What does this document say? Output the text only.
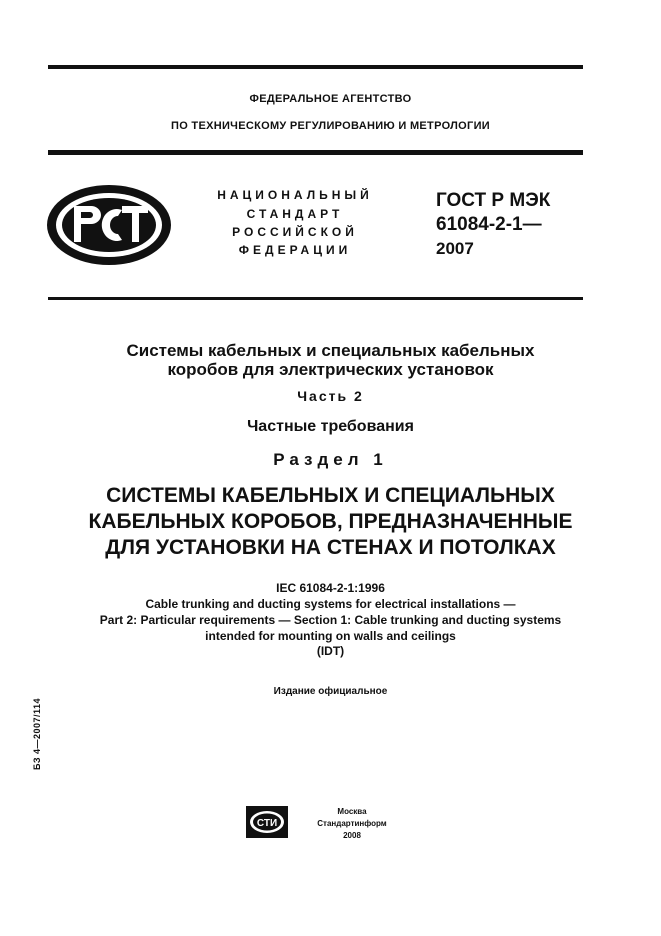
ФЕДЕРАЛЬНОЕ АГЕНТСТВО
ПО ТЕХНИЧЕСКОМУ РЕГУЛИРОВАНИЮ И МЕТРОЛОГИИ
НАЦИОНАЛЬНЫЙ
СТАНДАРТ
РОССИЙСКОЙ
ФЕДЕРАЦИИ
ГОСТ Р МЭК
61084-2-1—
2007
Системы кабельных и специальных кабельных
коробов для электрических установок
Часть 2
Частные требования
Раздел 1
СИСТЕМЫ КАБЕЛЬНЫХ И СПЕЦИАЛЬНЫХ
КАБЕЛЬНЫХ КОРОБОВ, ПРЕДНАЗНАЧЕННЫЕ
ДЛЯ УСТАНОВКИ НА СТЕНАХ И ПОТОЛКАХ
IEC 61084-2-1:1996
Cable trunking and ducting systems for electrical installations —
Part 2: Particular requirements — Section 1: Cable trunking and ducting systems
intended for mounting on walls and ceilings
(IDT)
Издание официальное
БЗ 4—2007/114
СТИ
Москва
Стандартинформ
2008
